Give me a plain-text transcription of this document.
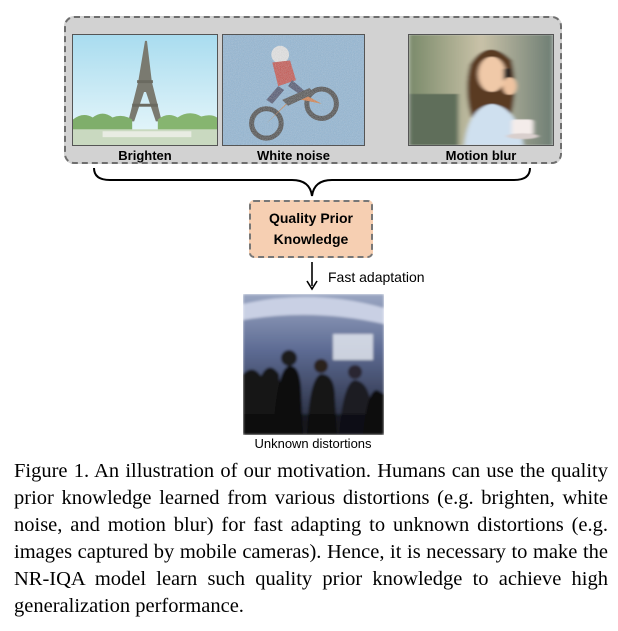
Brighten	White noise	Motion blur
Quality Prior
Knowledge
Fast adaptation
Unknown distortions
Figure 1. An illustration of our motivation. Humans can use the quality prior knowledge learned from various distortions (e.g. brighten, white noise, and motion blur) for fast adapting to unknown distortions (e.g. images captured by mobile cameras). Hence, it is necessary to make the NR-IQA model learn such quality prior knowledge to achieve high generalization performance.
